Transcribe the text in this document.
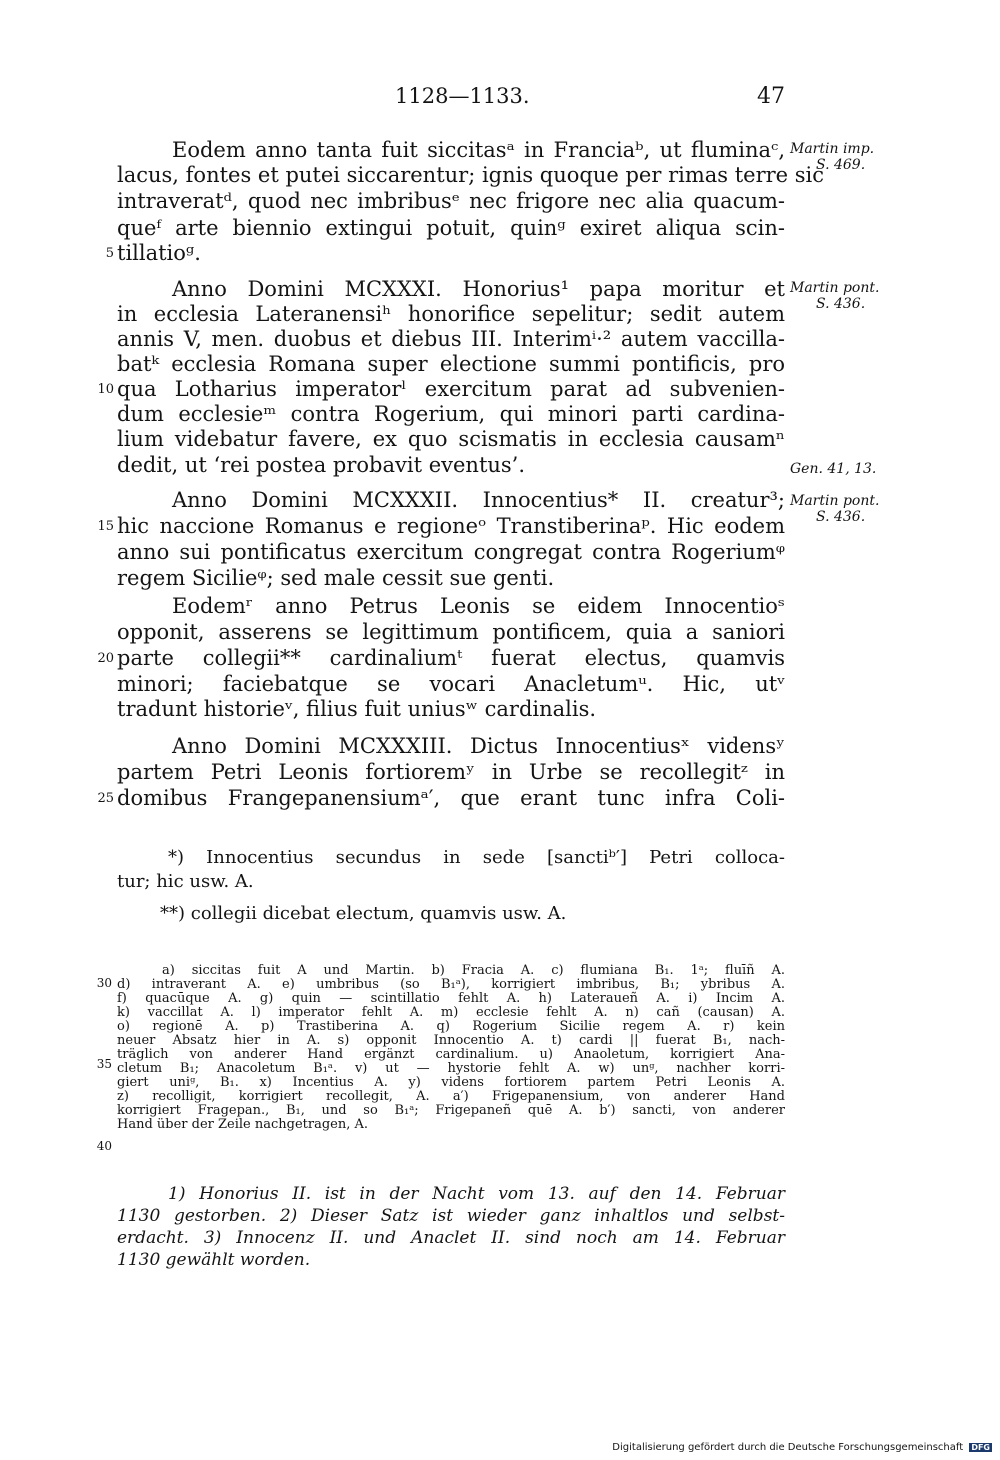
1128—1133.	47
Eodem anno tanta fuit siccitasᵃ in Franciaᵇ, ut fluminaᶜ,
lacus, fontes et putei siccarentur; ignis quoque per rimas terre sic
intraveratᵈ, quod nec imbribusᵉ nec frigore nec alia quacum-
queᶠ arte biennio extingui potuit, quinᵍ exiret aliqua scin-
tillatioᵍ.
Anno Domini MCXXXI. Honorius¹ papa moritur et
in ecclesia Lateranensiʰ honorifice sepelitur; sedit autem
annis V, men. duobus et diebus III. Interimⁱ·² autem vaccilla-
batᵏ ecclesia Romana super electione summi pontificis, pro
qua Lotharius imperatorˡ exercitum parat ad subvenien-
dum ecclesieᵐ contra Rogerium, qui minori parti cardina-
lium videbatur favere, ex quo scismatis in ecclesia causamⁿ
dedit, ut ‘rei postea probavit eventus’.
Anno Domini MCXXXII. Innocentius* II. creatur³;
hic naccione Romanus e regioneᵒ Transtiberinaᵖ. Hic eodem
anno sui pontificatus exercitum congregat contra Rogeriumᵠ
regem Sicilieᵠ; sed male cessit sue genti.
Eodemʳ anno Petrus Leonis se eidem Innocentioˢ
opponit, asserens se legittimum pontificem, quia a saniori
parte collegii** cardinaliumᵗ fuerat electus, quamvis
minori; faciebatque se vocari Anacletumᵘ. Hic, utᵛ
tradunt historieᵛ, filius fuit uniusʷ cardinalis.
Anno Domini MCXXXIII. Dictus Innocentiusˣ vidensʸ
partem Petri Leonis fortioremʸ in Urbe se recollegitᶻ in
domibus Frangepanensiumᵃ′, que erant tunc infra Coli-
5
10
15
20
25
30
35
40
Martin imp.
S. 469.
Martin pont.
S. 436.
Gen. 41, 13.
Martin pont.
S. 436.
*) Innocentius secundus in sede [sanctiᵇ′] Petri colloca-
tur; hic usw. A.
**) collegii dicebat electum, quamvis usw. A.
a) siccitas fuit A und Martin. b) Fracia A. c) flumiana B₁. 1ᵃ; fluīñ A.
d) intraverant A. e) umbribus (so B₁ᵃ), korrigiert imbribus, B₁; ybribus A.
f) quacūque A. g) quin — scintillatio fehlt A. h) Lateraueñ A. i) Incim A.
k) vaccillat A. l) imperator fehlt A. m) ecclesie fehlt A. n) cañ (causan) A.
o) regionē A. p) Trastiberina A. q) Rogerium Sicilie regem A. r) kein
neuer Absatz hier in A. s) opponit Innocentio A. t) cardi || fuerat B₁, nach-
träglich von anderer Hand ergänzt cardinalium. u) Anaoletum, korrigiert Ana-
cletum B₁; Anacoletum B₁ᵃ. v) ut — hystorie fehlt A. w) unᵍ, nachher korri-
giert uniᵍ, B₁. x) Incentius A. y) videns fortiorem partem Petri Leonis A.
z) recolligit, korrigiert recollegit, A. a′) Frigepanensium, von anderer Hand
korrigiert Fragepan., B₁, und so B₁ᵃ; Frigepaneñ quē A. b′) sancti, von anderer
Hand über der Zeile nachgetragen, A.
1) Honorius II. ist in der Nacht vom 13. auf den 14. Februar
1130 gestorben. 2) Dieser Satz ist wieder ganz inhaltlos und selbst-
erdacht. 3) Innocenz II. und Anaclet II. sind noch am 14. Februar
1130 gewählt worden.
Digitalisierung gefördert durch die Deutsche Forschungsgemeinschaft DFG
